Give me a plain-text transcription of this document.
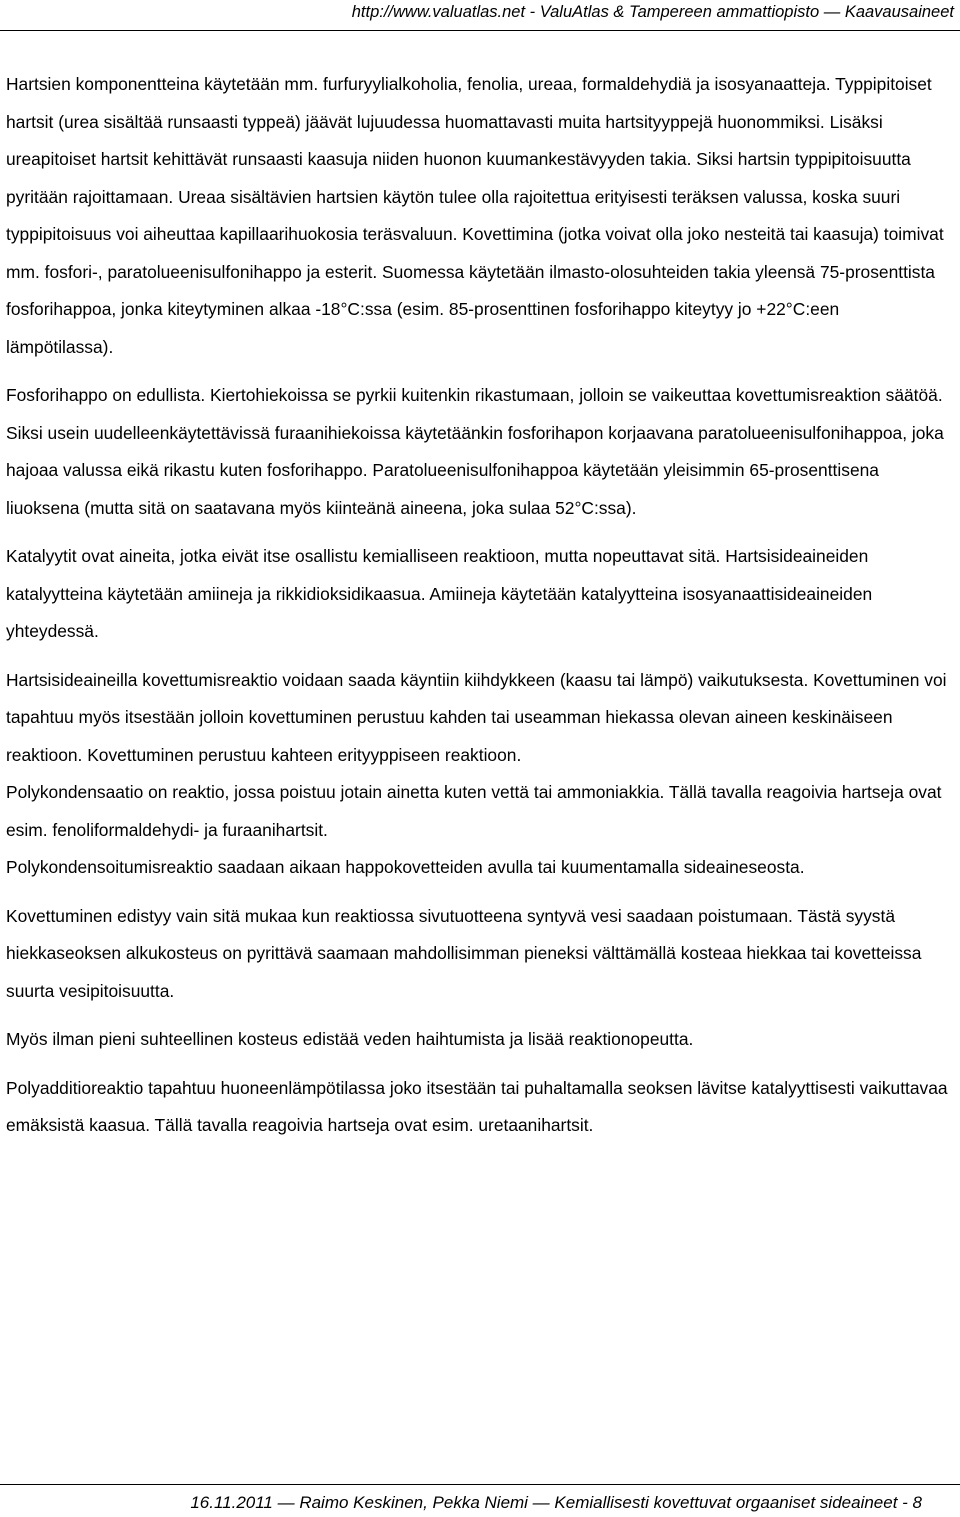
http://www.valuatlas.net - ValuAtlas & Tampereen ammattiopisto — Kaavausaineet

Hartsien komponentteina käytetään mm. furfuryylialkoholia, fenolia, ureaa, formaldehydiä ja isosyanaatteja. Typpipitoiset hartsit (urea sisältää runsaasti typpeä) jäävät lujuudessa huomattavasti muita hartsityyppejä huonommiksi. Lisäksi ureapitoiset hartsit kehittävät runsaasti kaasuja niiden huonon kuumankestävyyden takia. Siksi hartsin typpipitoisuutta pyritään rajoittamaan. Ureaa sisältävien hartsien käytön tulee olla rajoitettua erityisesti teräksen valussa, koska suuri typpipitoisuus voi aiheuttaa kapillaarihuokosia teräsvaluun. Kovettimina (jotka voivat olla joko nesteitä tai kaasuja) toimivat mm. fosfori-, paratolueenisulfonihappo ja esterit. Suomessa käytetään ilmasto-olosuhteiden takia yleensä 75-prosenttista fosforihappoa, jonka kiteytyminen alkaa -18°C:ssa (esim. 85-prosenttinen fosforihappo kiteytyy jo +22°C:een lämpötilassa).

Fosforihappo on edullista. Kiertohiekoissa se pyrkii kuitenkin rikastumaan, jolloin se vaikeuttaa kovettumisreaktion säätöä. Siksi usein uudelleenkäytettävissä furaanihiekoissa käytetäänkin fosforihapon korjaavana paratolueenisulfonihappoa, joka hajoaa valussa eikä rikastu kuten fosforihappo. Paratolueenisulfonihappoa käytetään yleisimmin 65-prosenttisena liuoksena (mutta sitä on saatavana myös kiinteänä aineena, joka sulaa 52°C:ssa).

Katalyytit ovat aineita, jotka eivät itse osallistu kemialliseen reaktioon, mutta nopeuttavat sitä. Hartsisideaineiden katalyytteina käytetään amiineja ja rikkidioksidikaasua. Amiineja käytetään katalyytteina isosyanaattisideaineiden yhteydessä.

Hartsisideaineilla kovettumisreaktio voidaan saada käyntiin kiihdykkeen (kaasu tai lämpö) vaikutuksesta. Kovettuminen voi tapahtuu myös itsestään jolloin kovettuminen perustuu kahden tai useamman hiekassa olevan aineen keskinäiseen reaktioon. Kovettuminen perustuu kahteen erityyppiseen reaktioon.

Polykondensaatio on reaktio, jossa poistuu jotain ainetta kuten vettä tai ammoniakkia. Tällä tavalla reagoivia hartseja ovat esim. fenoliformaldehydi- ja furaanihartsit.

Polykondensoitumisreaktio saadaan aikaan happokovetteiden avulla tai kuumentamalla sideaineseosta.

Kovettuminen edistyy vain sitä mukaa kun reaktiossa sivutuotteena syntyvä vesi saadaan poistumaan. Tästä syystä hiekkaseoksen alkukosteus on pyrittävä saamaan mahdollisimman pieneksi välttämällä kosteaa hiekkaa tai kovetteissa suurta vesipitoisuutta.

Myös ilman pieni suhteellinen kosteus edistää veden haihtumista ja lisää reaktionopeutta.

Polyadditioreaktio tapahtuu huoneenlämpötilassa joko itsestään tai puhaltamalla seoksen lävitse katalyyttisesti vaikuttavaa emäksistä kaasua. Tällä tavalla reagoivia hartseja ovat esim. uretaanihartsit.

16.11.2011 — Raimo Keskinen, Pekka Niemi — Kemiallisesti kovettuvat orgaaniset sideaineet - 8
